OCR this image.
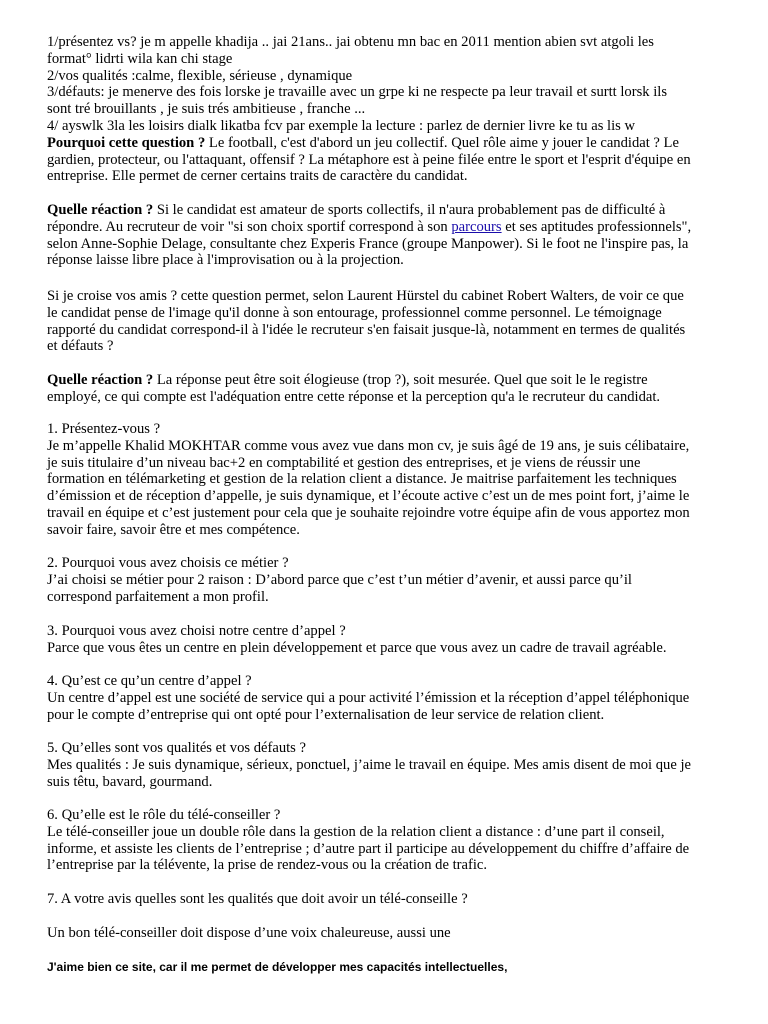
1/présentez vs? je m appelle khadija .. jai 21ans.. jai obtenu mn bac en 2011 mention abien svt atgoli les
format° lidrti wila kan chi stage
2/vos qualités :calme, flexible, sérieuse , dynamique
3/défauts: je menerve des fois lorske je travaille avec un grpe ki ne respecte pa leur travail et surtt lorsk ils
sont tré brouillants , je suis trés ambitieuse , franche ...
4/ ayswlk 3la les loisirs dialk likatba fcv par exemple la lecture : parlez de dernier livre ke tu as lis w
Pourquoi cette question ? Le football, c'est d'abord un jeu collectif. Quel rôle aime y jouer le candidat ? Le
gardien, protecteur, ou l'attaquant, offensif ? La métaphore est à peine filée entre le sport et l'esprit d'équipe en
entreprise. Elle permet de cerner certains traits de caractère du candidat.
Quelle réaction ? Si le candidat est amateur de sports collectifs, il n'aura probablement pas de difficulté à
répondre. Au recruteur de voir "si son choix sportif correspond à son parcours et ses aptitudes professionnels",
selon Anne-Sophie Delage, consultante chez Experis France (groupe Manpower). Si le foot ne l'inspire pas, la
réponse laisse libre place à l'improvisation ou à la projection.
Si je croise vos amis ? cette question permet, selon Laurent Hürstel du cabinet Robert Walters, de voir ce que
le candidat pense de l'image qu'il donne à son entourage, professionnel comme personnel. Le témoignage
rapporté du candidat correspond-il à l'idée le recruteur s'en faisait jusque-là, notamment en termes de qualités
et défauts ?
Quelle réaction ? La réponse peut être soit élogieuse (trop ?), soit mesurée. Quel que soit le le registre
employé, ce qui compte est l'adéquation entre cette réponse et la perception qu'a le recruteur du candidat.
1. Présentez-vous ?
Je m’appelle Khalid MOKHTAR comme vous avez vue dans mon cv, je suis âgé de 19 ans, je suis célibataire,
je suis titulaire d’un niveau bac+2 en comptabilité et gestion des entreprises, et je viens de réussir une
formation en télémarketing et gestion de la relation client a distance. Je maitrise parfaitement les techniques
d’émission et de réception d’appelle, je suis dynamique, et l’écoute active c’est un de mes point fort, j’aime le
travail en équipe et c’est justement pour cela que je souhaite rejoindre votre équipe afin de vous apportez mon
savoir faire, savoir être et mes compétence.
2. Pourquoi vous avez choisis ce métier ?
J’ai choisi se métier pour 2 raison : D’abord parce que c’est t’un métier d’avenir, et aussi parce qu’il
correspond parfaitement a mon profil.
3. Pourquoi vous avez choisi notre centre d’appel ?
Parce que vous êtes un centre en plein développement et parce que vous avez un cadre de travail agréable.
4. Qu’est ce qu’un centre d’appel ?
Un centre d’appel est une société de service qui a pour activité l’émission et la réception d’appel téléphonique
pour le compte d’entreprise qui ont opté pour l’externalisation de leur service de relation client.
5. Qu’elles sont vos qualités et vos défauts ?
Mes qualités : Je suis dynamique, sérieux, ponctuel, j’aime le travail en équipe. Mes amis disent de moi que je
suis têtu, bavard, gourmand.
6. Qu’elle est le rôle du télé-conseiller ?
Le télé-conseiller joue un double rôle dans la gestion de la relation client a distance : d’une part il conseil,
informe, et assiste les clients de l’entreprise ; d’autre part il participe au développement du chiffre d’affaire de
l’entreprise par la télévente, la prise de rendez-vous ou la création de trafic.
7. A votre avis quelles sont les qualités que doit avoir un télé-conseille ?
Un bon télé-conseiller doit dispose d’une voix chaleureuse, aussi une
J'aime bien ce site, car il me permet de développer mes capacités intellectuelles,
